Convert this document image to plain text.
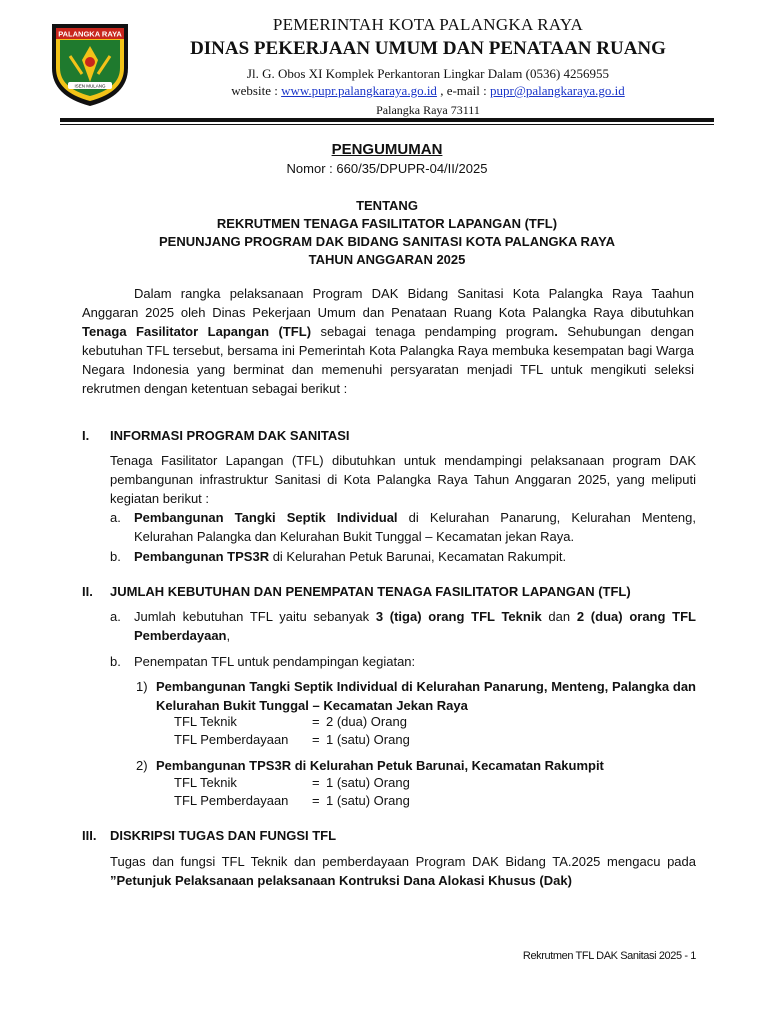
PALANGKA RAYA
ISEN MULANG
PEMERINTAH KOTA PALANGKA RAYA
DINAS PEKERJAAN UMUM DAN PENATAAN RUANG
Jl. G. Obos XI Komplek Perkantoran Lingkar Dalam (0536) 4256955
website : www.pupr.palangkaraya.go.id , e-mail : pupr@palangkaraya.go.id
Palangka Raya 73111
PENGUMUMAN
Nomor : 660/35/DPUPR-04/II/2025
TENTANG
REKRUTMEN TENAGA FASILITATOR LAPANGAN (TFL)
PENUNJANG PROGRAM DAK BIDANG SANITASI KOTA PALANGKA RAYA
TAHUN ANGGARAN 2025
Dalam rangka pelaksanaan Program DAK Bidang Sanitasi Kota Palangka Raya Taahun Anggaran 2025 oleh Dinas Pekerjaan Umum dan Penataan Ruang Kota Palangka Raya dibutuhkan Tenaga Fasilitator Lapangan (TFL) sebagai tenaga pendamping program. Sehubungan dengan kebutuhan TFL tersebut, bersama ini Pemerintah Kota Palangka Raya membuka kesempatan bagi Warga Negara Indonesia yang berminat dan memenuhi persyaratan menjadi TFL untuk mengikuti seleksi rekrutmen dengan ketentuan sebagai berikut :
I. INFORMASI PROGRAM DAK SANITASI
Tenaga Fasilitator Lapangan (TFL) dibutuhkan untuk mendampingi pelaksanaan program DAK pembangunan infrastruktur Sanitasi di Kota Palangka Raya Tahun Anggaran 2025, yang meliputi kegiatan berikut :
a. Pembangunan Tangki Septik Individual di Kelurahan Panarung, Kelurahan Menteng, Kelurahan Palangka dan Kelurahan Bukit Tunggal – Kecamatan jekan Raya.
b. Pembangunan TPS3R di Kelurahan Petuk Barunai, Kecamatan Rakumpit.
II. JUMLAH KEBUTUHAN DAN PENEMPATAN TENAGA FASILITATOR LAPANGAN (TFL)
a. Jumlah kebutuhan TFL yaitu sebanyak 3 (tiga) orang TFL Teknik dan 2 (dua) orang TFL Pemberdayaan,
b. Penempatan TFL untuk pendampingan kegiatan:
1) Pembangunan Tangki Septik Individual di Kelurahan Panarung, Menteng, Palangka dan Kelurahan Bukit Tunggal – Kecamatan Jekan Raya
TFL Teknik	= 2 (dua) Orang
TFL Pemberdayaan = 1 (satu) Orang
2) Pembangunan TPS3R di Kelurahan Petuk Barunai, Kecamatan Rakumpit
TFL Teknik	= 1 (satu) Orang
TFL Pemberdayaan = 1 (satu) Orang
III. DISKRIPSI TUGAS DAN FUNGSI TFL
Tugas dan fungsi TFL Teknik dan pemberdayaan Program DAK Bidang TA.2025 mengacu pada ”Petunjuk Pelaksanaan pelaksanaan Kontruksi Dana Alokasi Khusus (Dak)
Rekrutmen TFL DAK Sanitasi 2025 - 1
